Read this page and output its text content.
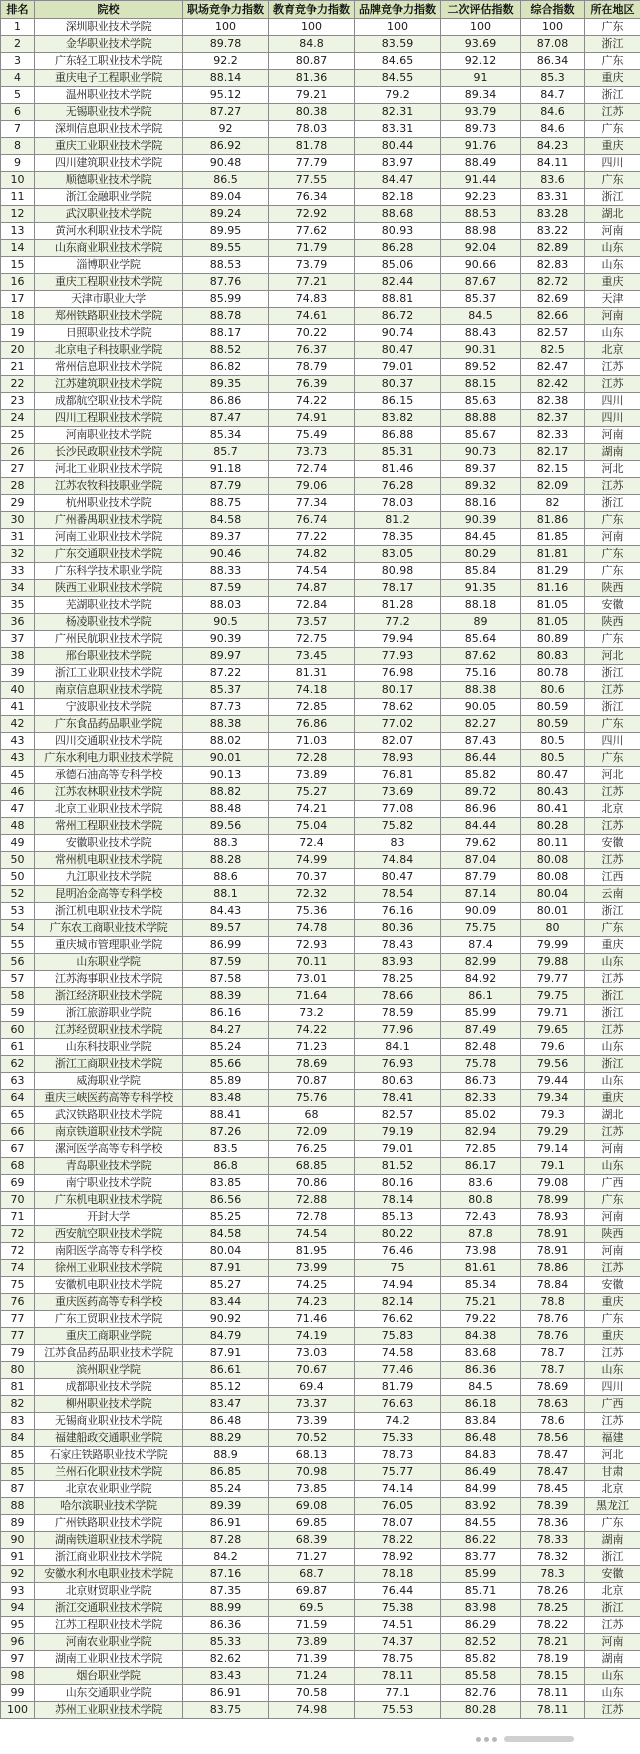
排名	院校	职场竞争力指数	教育竞争力指数	品牌竞争力指数	二次评估指数	综合指数	所在地区
1	深圳职业技术学院	100	100	100	100	100	广东
2	金华职业技术学院	89.78	84.8	83.59	93.69	87.08	浙江
3	广东轻工职业技术学院	92.2	80.87	84.65	92.12	86.34	广东
4	重庆电子工程职业学院	88.14	81.36	84.55	91	85.3	重庆
5	温州职业技术学院	95.12	79.21	79.2	89.34	84.7	浙江
6	无锡职业技术学院	87.27	80.38	82.31	93.79	84.6	江苏
7	深圳信息职业技术学院	92	78.03	83.31	89.73	84.6	广东
8	重庆工业职业技术学院	86.92	81.78	80.44	91.76	84.23	重庆
9	四川建筑职业技术学院	90.48	77.79	83.97	88.49	84.11	四川
10	顺德职业技术学院	86.5	77.55	84.47	91.44	83.6	广东
11	浙江金融职业学院	89.04	76.34	82.18	92.23	83.31	浙江
12	武汉职业技术学院	89.24	72.92	88.68	88.53	83.28	湖北
13	黄河水利职业技术学院	89.95	77.62	80.93	88.98	83.22	河南
14	山东商业职业技术学院	89.55	71.79	86.28	92.04	82.89	山东
15	淄博职业学院	88.53	73.79	85.06	90.66	82.83	山东
16	重庆工程职业技术学院	87.76	77.21	82.44	87.67	82.72	重庆
17	天津市职业大学	85.99	74.83	88.81	85.37	82.69	天津
18	郑州铁路职业技术学院	88.78	74.61	86.72	84.5	82.66	河南
19	日照职业技术学院	88.17	70.22	90.74	88.43	82.57	山东
20	北京电子科技职业学院	88.52	76.37	80.47	90.31	82.5	北京
21	常州信息职业技术学院	86.82	78.79	79.01	89.52	82.47	江苏
22	江苏建筑职业技术学院	89.35	76.39	80.37	88.15	82.42	江苏
23	成都航空职业技术学院	86.86	74.22	86.15	85.63	82.38	四川
24	四川工程职业技术学院	87.47	74.91	83.82	88.88	82.37	四川
25	河南职业技术学院	85.34	75.49	86.88	85.67	82.33	河南
26	长沙民政职业技术学院	85.7	73.73	85.31	90.73	82.17	湖南
27	河北工业职业技术学院	91.18	72.74	81.46	89.37	82.15	河北
28	江苏农牧科技职业学院	87.79	79.06	76.28	89.32	82.09	江苏
29	杭州职业技术学院	88.75	77.34	78.03	88.16	82	浙江
30	广州番禺职业技术学院	84.58	76.74	81.2	90.39	81.86	广东
31	河南工业职业技术学院	89.37	77.22	78.35	84.45	81.85	河南
32	广东交通职业技术学院	90.46	74.82	83.05	80.29	81.81	广东
33	广东科学技术职业学院	88.33	74.54	80.98	85.84	81.29	广东
34	陕西工业职业技术学院	87.59	74.87	78.17	91.35	81.16	陕西
35	芜湖职业技术学院	88.03	72.84	81.28	88.18	81.05	安徽
36	杨凌职业技术学院	90.5	73.57	77.2	89	81.05	陕西
37	广州民航职业技术学院	90.39	72.75	79.94	85.64	80.89	广东
38	邢台职业技术学院	89.97	73.45	77.93	87.62	80.83	河北
39	浙江工业职业技术学院	87.22	81.31	76.98	75.16	80.78	浙江
40	南京信息职业技术学院	85.37	74.18	80.17	88.38	80.6	江苏
41	宁波职业技术学院	87.73	72.85	78.62	90.05	80.59	浙江
42	广东食品药品职业学院	88.38	76.86	77.02	82.27	80.59	广东
43	四川交通职业技术学院	88.02	71.03	82.07	87.43	80.5	四川
43	广东水利电力职业技术学院	90.01	72.28	78.93	86.44	80.5	广东
45	承德石油高等专科学校	90.13	73.89	76.81	85.82	80.47	河北
46	江苏农林职业技术学院	88.82	75.27	73.69	89.72	80.43	江苏
47	北京工业职业技术学院	88.48	74.21	77.08	86.96	80.41	北京
48	常州工程职业技术学院	89.56	75.04	75.82	84.44	80.28	江苏
49	安徽职业技术学院	88.3	72.4	83	79.62	80.11	安徽
50	常州机电职业技术学院	88.28	74.99	74.84	87.04	80.08	江苏
50	九江职业技术学院	88.6	70.37	80.47	87.79	80.08	江西
52	昆明冶金高等专科学校	88.1	72.32	78.54	87.14	80.04	云南
53	浙江机电职业技术学院	84.43	75.36	76.16	90.09	80.01	浙江
54	广东农工商职业技术学院	89.57	74.78	80.36	75.75	80	广东
55	重庆城市管理职业学院	86.99	72.93	78.43	87.4	79.99	重庆
56	山东职业学院	87.59	70.11	83.93	82.99	79.88	山东
57	江苏海事职业技术学院	87.58	73.01	78.25	84.92	79.77	江苏
58	浙江经济职业技术学院	88.39	71.64	78.66	86.1	79.75	浙江
59	浙江旅游职业学院	86.16	73.2	78.59	85.99	79.71	浙江
60	江苏经贸职业技术学院	84.27	74.22	77.96	87.49	79.65	江苏
61	山东科技职业学院	85.24	71.23	84.1	82.48	79.6	山东
62	浙江工商职业技术学院	85.66	78.69	76.93	75.78	79.56	浙江
63	威海职业学院	85.89	70.87	80.63	86.73	79.44	山东
64	重庆三峡医药高等专科学校	83.48	75.76	78.41	82.33	79.34	重庆
65	武汉铁路职业技术学院	88.41	68	82.57	85.02	79.3	湖北
66	南京铁道职业技术学院	87.26	72.09	79.19	82.94	79.29	江苏
67	漯河医学高等专科学校	83.5	76.25	79.01	72.85	79.14	河南
68	青岛职业技术学院	86.8	68.85	81.52	86.17	79.1	山东
69	南宁职业技术学院	83.85	70.86	80.16	83.6	79.08	广西
70	广东机电职业技术学院	86.56	72.88	78.14	80.8	78.99	广东
71	开封大学	85.25	72.78	85.13	72.43	78.93	河南
72	西安航空职业技术学院	84.58	74.54	80.22	87.8	78.91	陕西
72	南阳医学高等专科学校	80.04	81.95	76.46	73.98	78.91	河南
74	徐州工业职业技术学院	87.91	73.99	75	81.61	78.86	江苏
75	安徽机电职业技术学院	85.27	74.25	74.94	85.34	78.84	安徽
76	重庆医药高等专科学校	83.44	74.23	82.14	75.21	78.8	重庆
77	广东工贸职业技术学院	90.92	71.46	76.62	79.22	78.76	广东
77	重庆工商职业学院	84.79	74.19	75.83	84.38	78.76	重庆
79	江苏食品药品职业技术学院	87.91	73.03	74.58	83.68	78.7	江苏
80	滨州职业学院	86.61	70.67	77.46	86.36	78.7	山东
81	成都职业技术学院	85.12	69.4	81.79	84.5	78.69	四川
82	柳州职业技术学院	83.47	73.37	76.63	86.18	78.63	广西
83	无锡商业职业技术学院	86.48	73.39	74.2	83.84	78.6	江苏
84	福建船政交通职业学院	88.29	70.52	75.33	86.48	78.56	福建
85	石家庄铁路职业技术学院	88.9	68.13	78.73	84.83	78.47	河北
85	兰州石化职业技术学院	86.85	70.98	75.77	86.49	78.47	甘肃
87	北京农业职业学院	85.24	73.85	74.14	84.99	78.45	北京
88	哈尔滨职业技术学院	89.39	69.08	76.05	83.92	78.39	黑龙江
89	广州铁路职业技术学院	86.91	69.85	78.07	84.55	78.36	广东
90	湖南铁道职业技术学院	87.28	68.39	78.22	86.22	78.33	湖南
91	浙江商业职业技术学院	84.2	71.27	78.92	83.77	78.32	浙江
92	安徽水利水电职业技术学院	87.16	68.7	78.18	85.99	78.3	安徽
93	北京财贸职业学院	87.35	69.87	76.44	85.71	78.26	北京
94	浙江交通职业技术学院	88.99	69.5	75.38	83.98	78.25	浙江
95	江苏工程职业技术学院	86.36	71.59	74.51	86.29	78.22	江苏
96	河南农业职业学院	85.33	73.89	74.37	82.52	78.21	河南
97	湖南工业职业技术学院	82.62	71.39	78.75	85.82	78.19	湖南
98	烟台职业学院	83.43	71.24	78.11	85.58	78.15	山东
99	山东交通职业学院	86.91	70.58	77.1	82.76	78.11	山东
100	苏州工业职业技术学院	83.75	74.98	75.53	80.28	78.11	江苏
